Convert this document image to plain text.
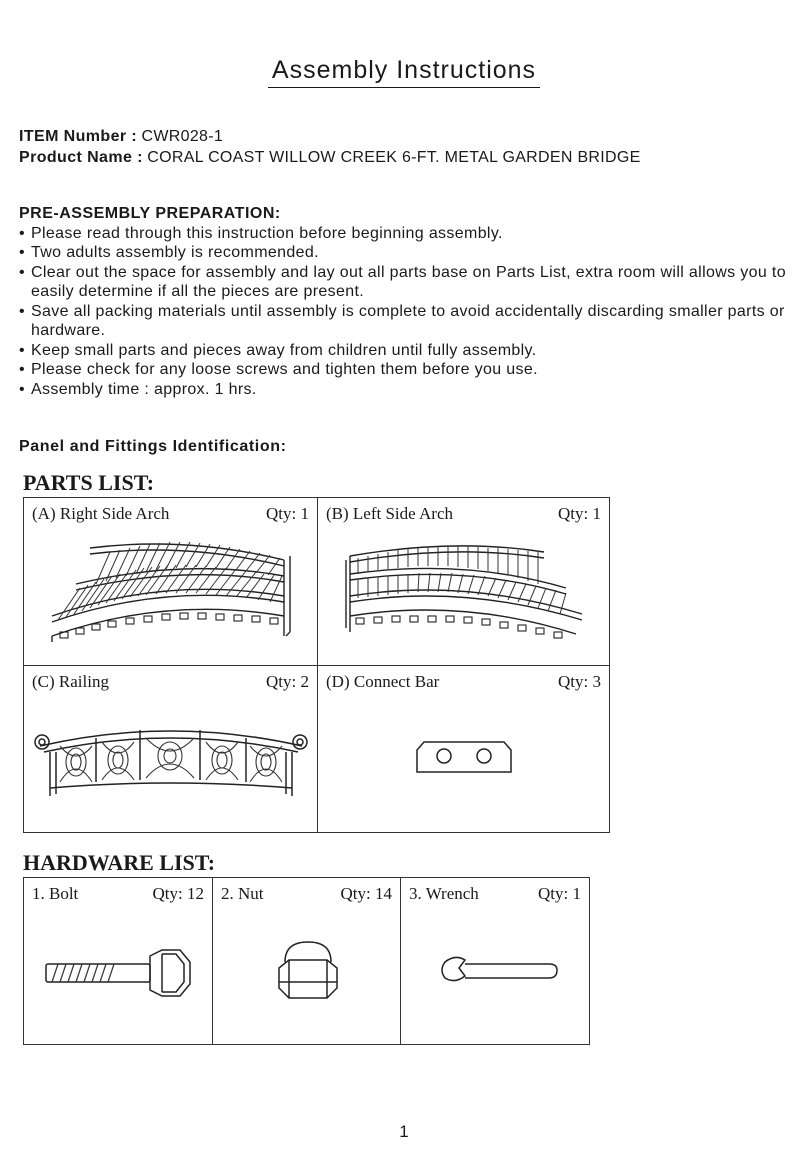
Assembly Instructions
ITEM Number : CWR028-1
Product Name : CORAL COAST WILLOW CREEK 6-FT. METAL GARDEN BRIDGE
PRE-ASSEMBLY PREPARATION:
• Please read through this instruction before beginning assembly.
• Two adults assembly is recommended.
• Clear out the space for assembly and lay out all parts base on Parts List, extra room will allows you to easily determine if all the pieces are present.
• Save all packing materials until assembly is complete to avoid accidentally discarding smaller parts or hardware.
• Keep small parts and pieces away from children until fully assembly.
• Please check for any loose screws and tighten them before you use.
• Assembly time : approx. 1 hrs.
Panel and Fittings Identification:
PARTS LIST:
(A) Right Side Arch	Qty: 1 (B) Left Side Arch	Qty: 1
(C) Railing	Qty: 2 (D) Connect Bar	Qty: 3
HARDWARE LIST:
1. Bolt	Qty: 12 2. Nut	Qty: 14 3. Wrench	Qty: 1
1
